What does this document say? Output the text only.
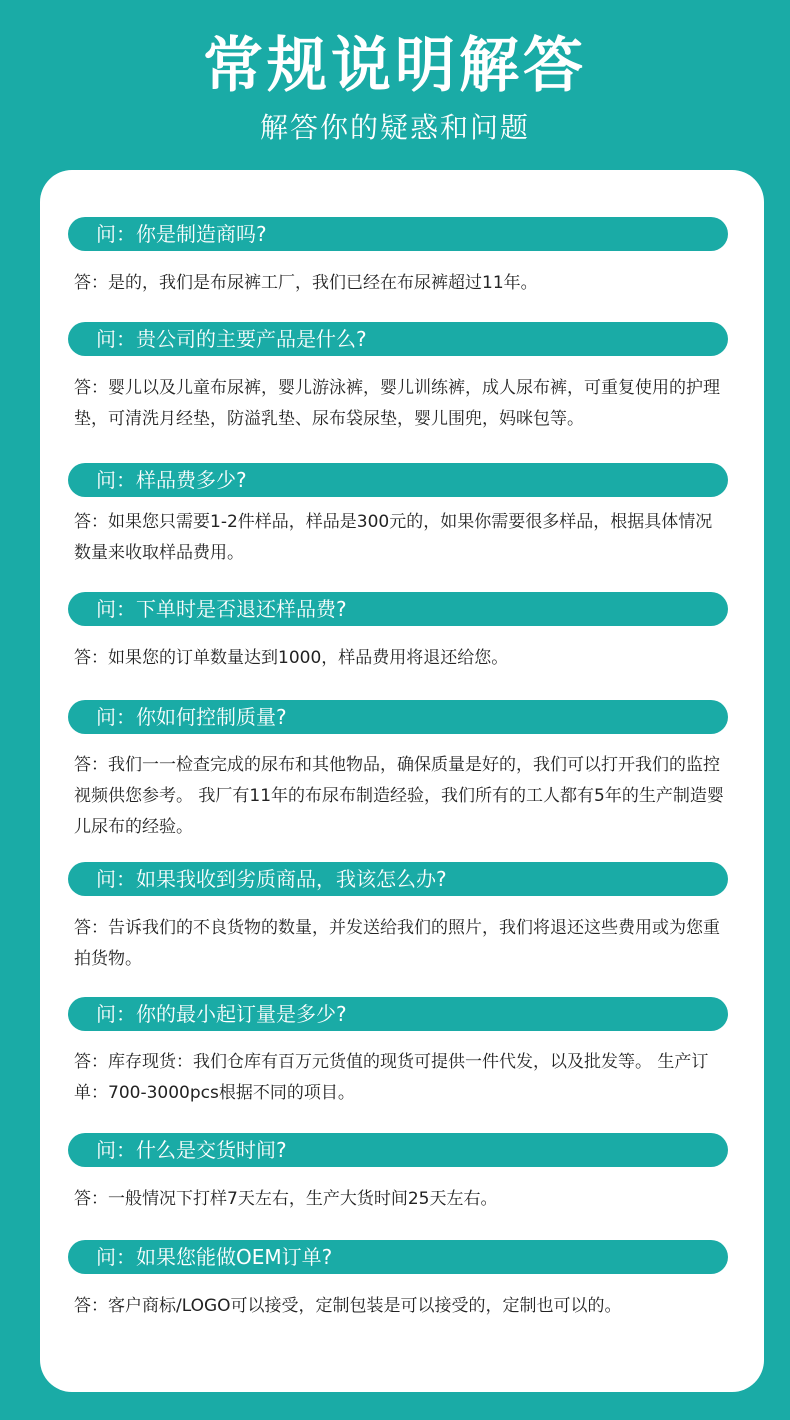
常规说明解答
解答你的疑惑和问题
问：你是制造商吗?
答：是的，我们是布尿裤工厂，我们已经在布尿裤超过11年。
问：贵公司的主要产品是什么?
答：婴儿以及儿童布尿裤，婴儿游泳裤，婴儿训练裤，成人尿布裤，可重复使用的护理垫，可清洗月经垫，防溢乳垫、尿布袋尿垫，婴儿围兜，妈咪包等。
问：样品费多少?
答：如果您只需要1-2件样品，样品是300元的，如果你需要很多样品，根据具体情况数量来收取样品费用。
问：下单时是否退还样品费?
答：如果您的订单数量达到1000，样品费用将退还给您。
问：你如何控制质量?
答：我们一一检查完成的尿布和其他物品，确保质量是好的，我们可以打开我们的监控视频供您参考。 我厂有11年的布尿布制造经验，我们所有的工人都有5年的生产制造婴儿尿布的经验。
问：如果我收到劣质商品，我该怎么办?
答：告诉我们的不良货物的数量，并发送给我们的照片，我们将退还这些费用或为您重拍货物。
问：你的最小起订量是多少?
答：库存现货：我们仓库有百万元货值的现货可提供一件代发，以及批发等。 生产订单：700-3000pcs根据不同的项目。
问：什么是交货时间?
答：一般情况下打样7天左右，生产大货时间25天左右。
问：如果您能做OEM订单?
答：客户商标/LOGO可以接受，定制包装是可以接受的，定制也可以的。
